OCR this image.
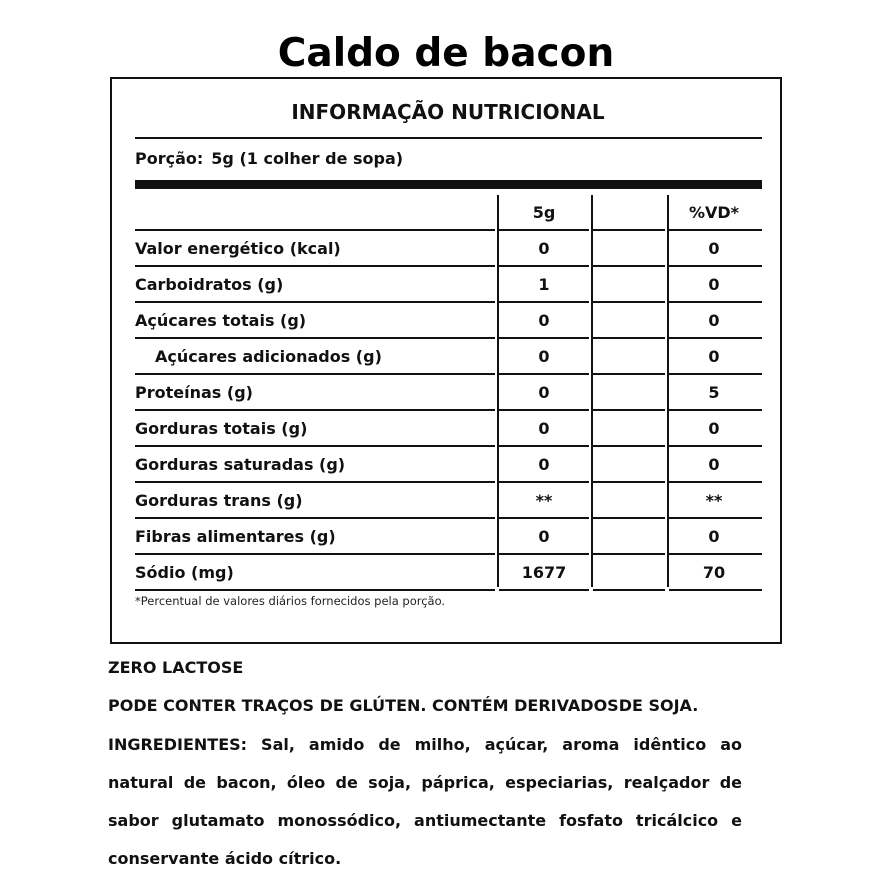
Caldo de bacon
INFORMAÇÃO NUTRICIONAL
Porção: 5g (1 colher de sopa)
5g	%VD*
Valor energético (kcal)	0	0
Carboidratos (g)	1	0
Açúcares totais (g)	0	0
Açúcares adicionados (g)	0	0
Proteínas (g)	0	5
Gorduras totais (g)	0	0
Gorduras saturadas (g)	0	0
Gorduras trans (g)	**	**
Fibras alimentares (g)	0	0
Sódio (mg)	1677	70
*Percentual de valores diários fornecidos pela porção.
ZERO LACTOSE
PODE CONTER TRAÇOS DE GLÚTEN. CONTÉM DERIVADOSDE SOJA.
INGREDIENTES: Sal, amido de milho, açúcar, aroma idêntico ao natural de bacon, óleo de soja, páprica, especiarias, realçador de sabor glutamato monossódico, antiumectante fosfato tricálcico e conservante ácido cítrico.
